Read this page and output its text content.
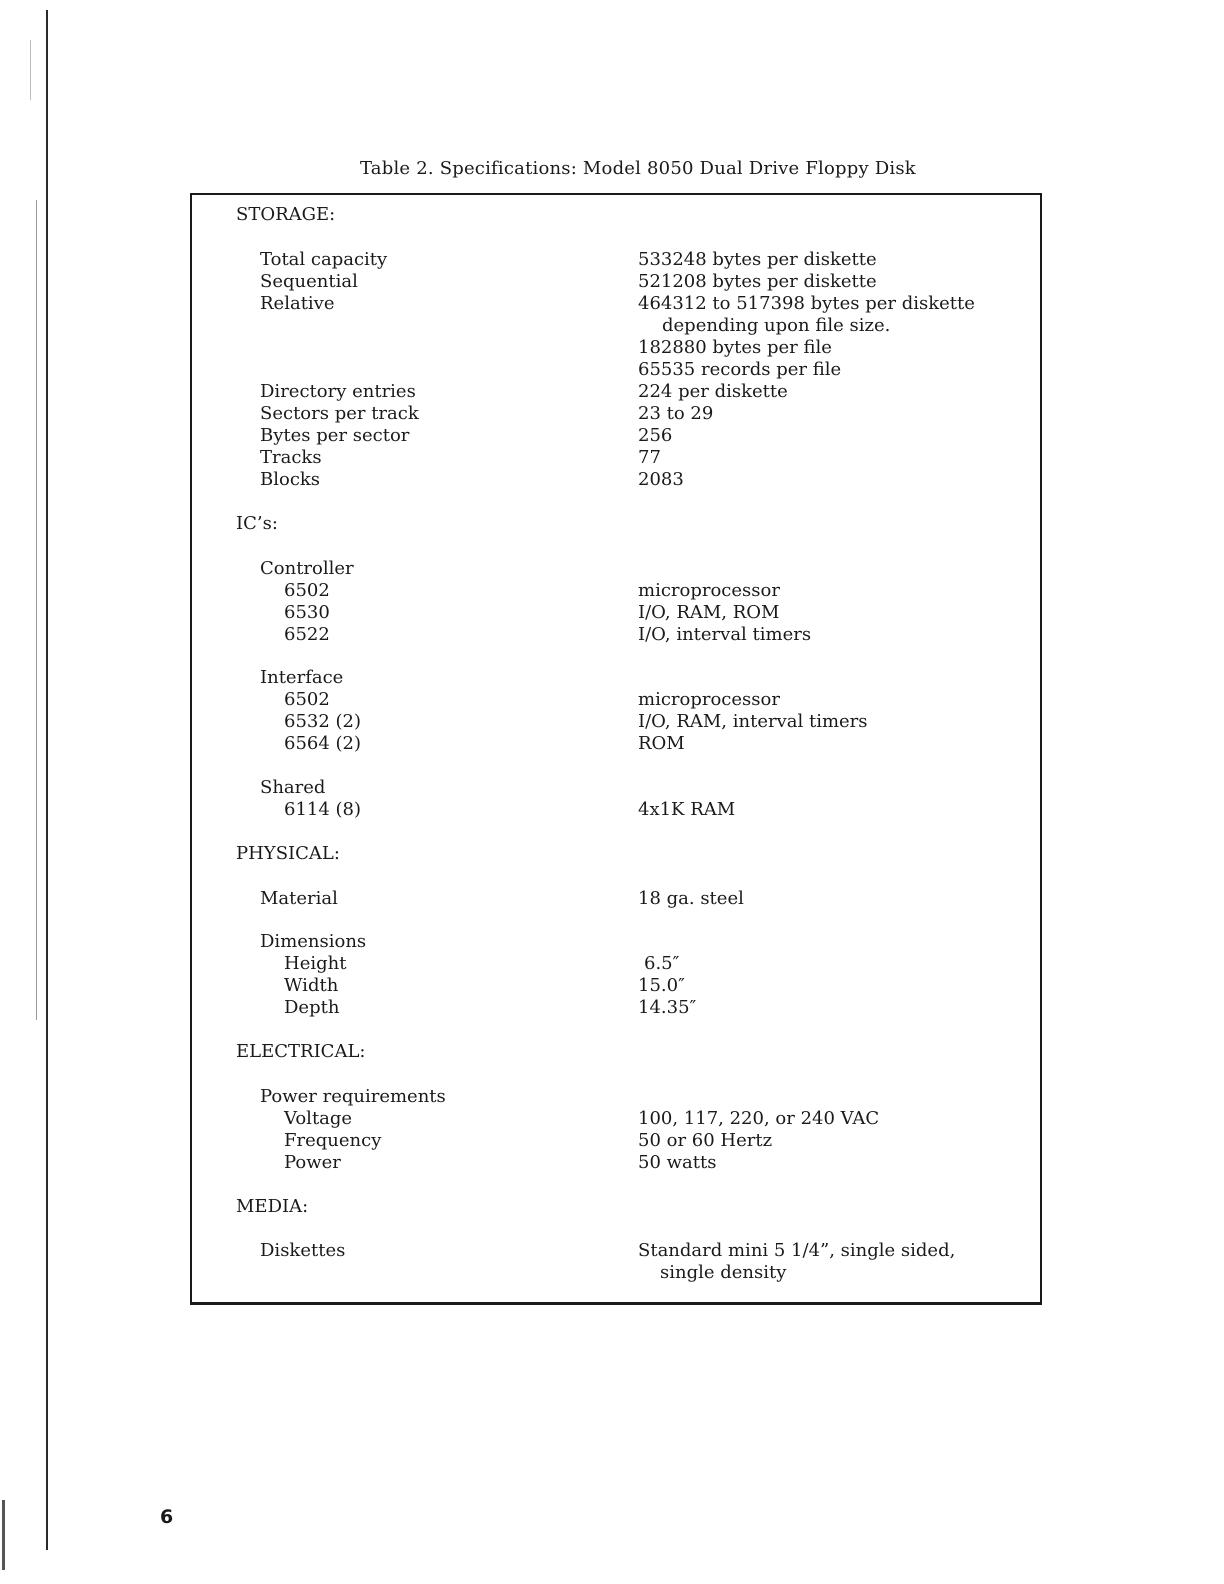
Table 2. Specifications: Model 8050 Dual Drive Floppy Disk
STORAGE:
Total capacity	533248 bytes per diskette
Sequential	521208 bytes per diskette
Relative	464312 to 517398 bytes per diskette
depending upon file size.
182880 bytes per file
65535 records per file
Directory entries	224 per diskette
Sectors per track	23 to 29
Bytes per sector	256
Tracks	77
Blocks	2083
IC’s:
Controller
6502	microprocessor
6530	I/O, RAM, ROM
6522	I/O, interval timers
Interface
6502	microprocessor
6532 (2)	I/O, RAM, interval timers
6564 (2)	ROM
Shared
6114 (8)	4x1K RAM
PHYSICAL:
Material	18 ga. steel
Dimensions
Height	6.5″
Width	15.0″
Depth	14.35″
ELECTRICAL:
Power requirements
Voltage	100, 117, 220, or 240 VAC
Frequency	50 or 60 Hertz
Power	50 watts
MEDIA:
Diskettes	Standard mini 5 1/4”, single sided,
single density
6
